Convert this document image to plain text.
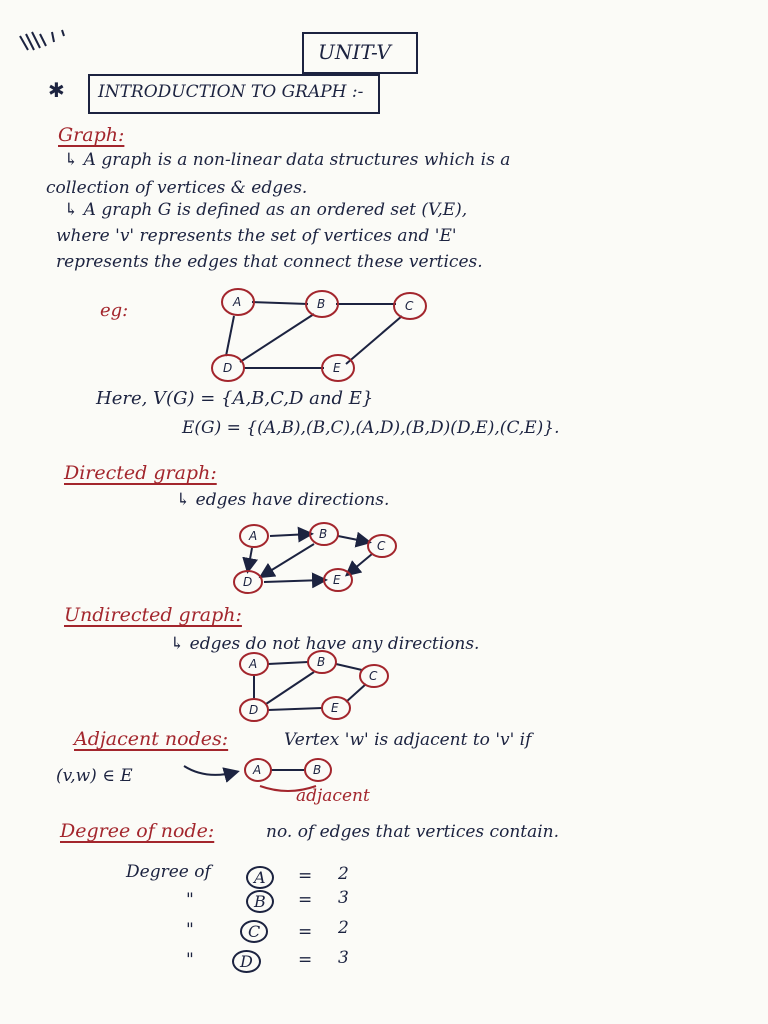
UNIT-V
✱ INTRODUCTION TO GRAPH :-
Graph:
↳ A graph is a non-linear data structures which is a
collection of vertices & edges.
↳ A graph G is defined as an ordered set (V,E),
where 'v' represents the set of vertices and 'E'
represents the edges that connect these vertices.
eg:	A	B	C
D	E
Here, V(G) = {A,B,C,D and E}
E(G) = {(A,B),(B,C),(A,D),(B,D)(D,E),(C,E)}.
Directed graph:
↳ edges have directions.
A	B
C
D	E
Undirected graph:
↳ edges do not have any directions.
A	B
C
D	E
Adjacent nodes:	Vertex 'w' is adjacent to 'v' if
(v,w) ∈ E	A	B
adjacent
Degree of node:	no. of edges that vertices contain.
Degree of	A	= 2
"	B	= 3
"	C	= 2
"	D	= 3
